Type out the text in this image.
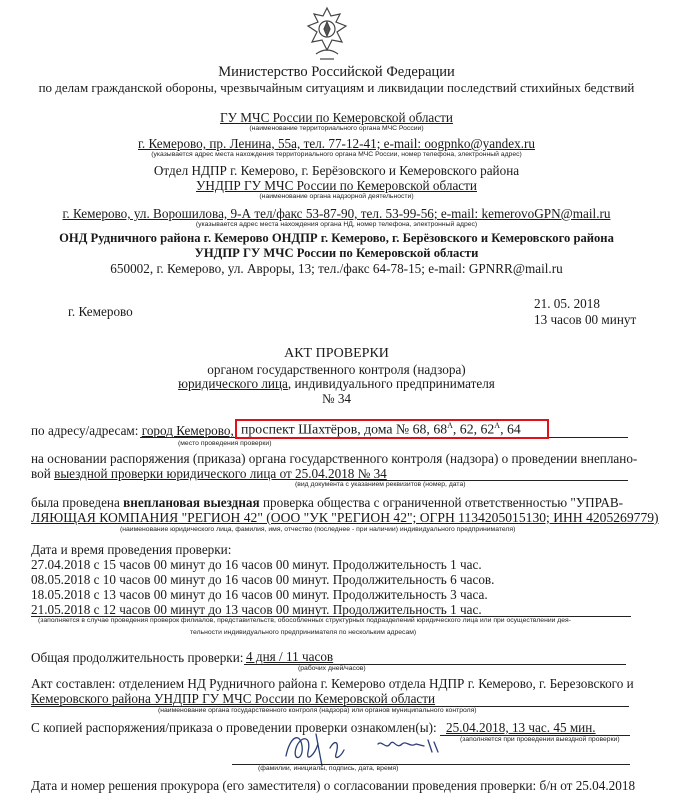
Министерство Российской Федерации
по делам гражданской обороны, чрезвычайным ситуациям и ликвидации последствий стихийных бедствий
ГУ МЧС России по Кемеровской области
(наименование территориального органа МЧС России)
г. Кемерово, пр. Ленина, 55а, тел. 77-12-41; e-mail: oogpnko@yandex.ru
(указывается адрес места нахождения территориального органа МЧС России, номер телефона, электронный адрес)
Отдел НДПР г. Кемерово, г. Берёзовского и Кемеровского района
УНДПР ГУ МЧС России по Кемеровской области
(наименование органа надзорной деятельности)
г. Кемерово, ул. Ворошилова, 9-А тел/факс 53-87-90, тел. 53-99-56; e-mail: kemerovoGPN@mail.ru
(указывается адрес места нахождения органа НД, номер телефона, электронный адрес)
ОНД Рудничного района г. Кемерово ОНДПР г. Кемерово, г. Берёзовского и Кемеровского района
УНДПР ГУ МЧС России по Кемеровской области
650002, г. Кемерово, ул. Авроры, 13; тел./факс 64-78-15; e-mail: GPNRR@mail.ru
г. Кемерово
21. 05. 2018
13 часов 00 минут
АКТ ПРОВЕРКИ
органом государственного контроля (надзора)
юридического лица, индивидуального предпринимателя
№ 34
по адресу/адресам: город Кемерово, проспект Шахтёров, дома № 68, $68^А$, 62, $62^А$, 64
(место проведения проверки)
на основании распоряжения (приказа) органа государственного контроля (надзора) о проведении внеплано-
вой выездной проверки юридического лица от 25.04.2018 № 34
(вид документа с указанием реквизитов (номер, дата)
была проведена внеплановая выездная проверка общества с ограниченной ответственностью "УПРАВ-
ЛЯЮЩАЯ КОМПАНИЯ "РЕГИОН 42" (ООО "УК "РЕГИОН 42"; ОГРН 1134205015130; ИНН 4205269779)
(наименование юридического лица, фамилия, имя, отчество (последнее - при наличии) индивидуального предпринимателя)
Дата и время проведения проверки:
27.04.2018 с 15 часов 00 минут до 16 часов 00 минут. Продолжительность 1 час.
08.05.2018 с 10 часов 00 минут до 16 часов 00 минут. Продолжительность 6 часов.
18.05.2018 с 13 часов 00 минут до 16 часов 00 минут. Продолжительность 3 часа.
21.05.2018 с 12 часов 00 минут до 13 часов 00 минут. Продолжительность 1 час.
(заполняется в случае проведения проверок филиалов, представительств, обособленных структурных подразделений юридического лица или при осуществлении дея-
тельности индивидуального предпринимателя по нескольким адресам)
Общая продолжительность проверки: 4 дня / 11 часов
(рабочих дней/часов)
Акт составлен: отделением НД Рудничного района г. Кемерово отдела НДПР г. Кемерово, г. Березовского и
Кемеровского района УНДПР ГУ МЧС России по Кемеровской области
(наименование органа государственного контроля (надзора) или органов муниципального контроля)
С копией распоряжения/приказа о проведении проверки ознакомлен(ы): 25.04.2018, 13 час. 45 мин.
(заполняется при проведении выездной проверки)
(фамилии, инициалы, подпись, дата, время)
Дата и номер решения прокурора (его заместителя) о согласовании проведения проверки: б/н от 25.04.2018
